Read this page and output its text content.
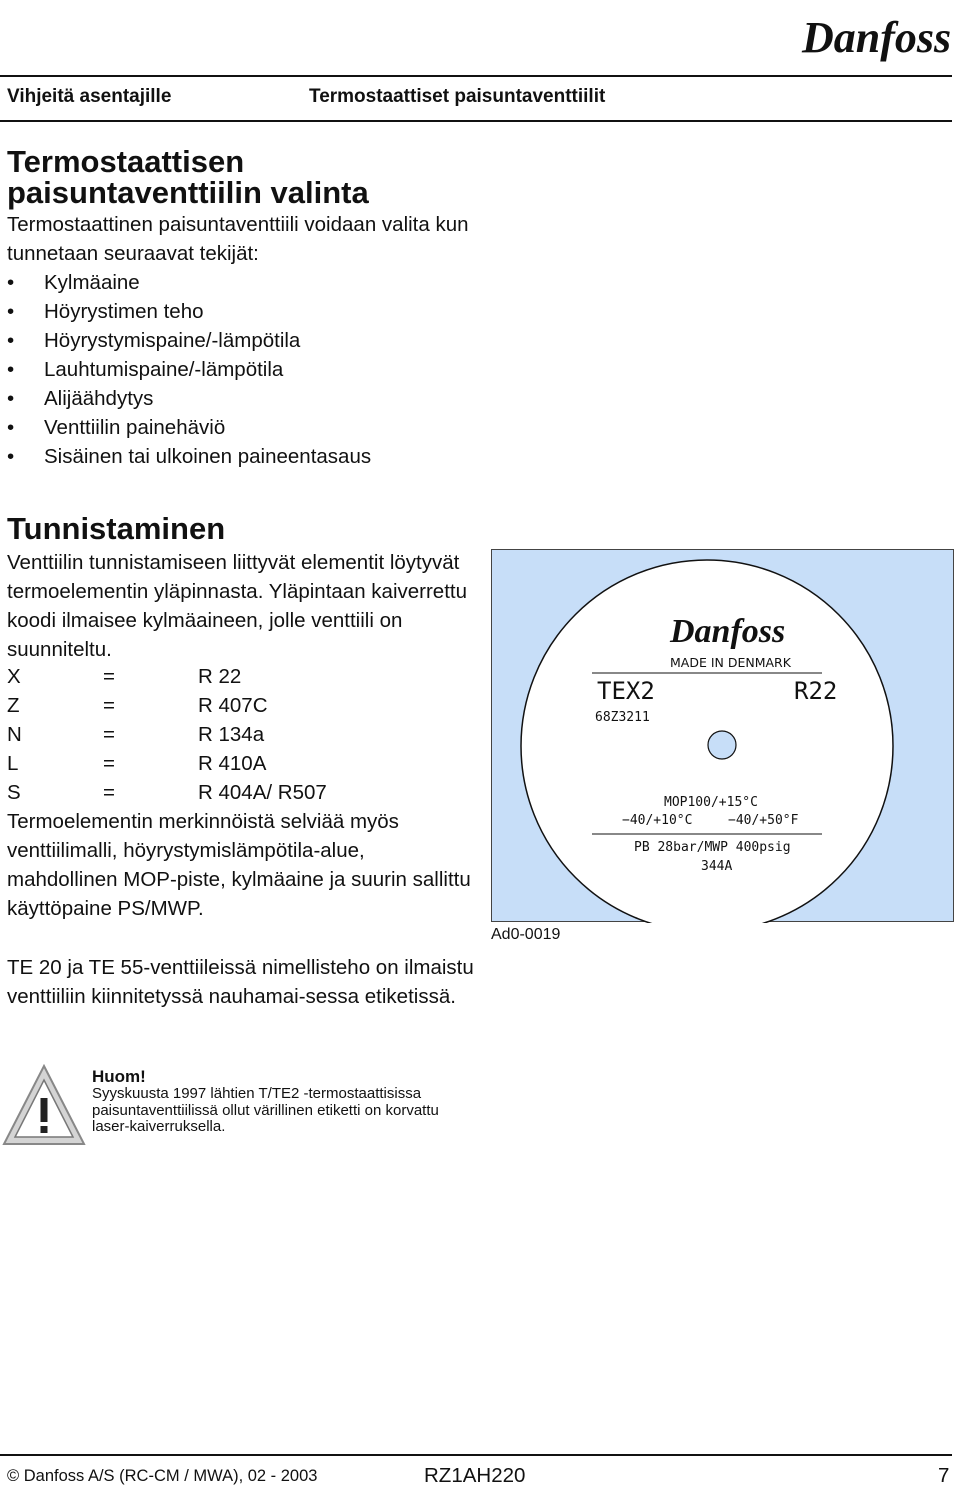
Danfoss
Vihjeitä asentajille	Termostaattiset paisuntaventtiilit
Termostaattisen
paisuntaventtiilin valinta
Termostaattinen paisuntaventtiili voidaan valita kun tunnetaan seuraavat tekijät:
• Kylmäaine
• Höyrystimen teho
• Höyrystymispaine/-lämpötila
• Lauhtumispaine/-lämpötila
• Alijäähdytys
• Venttiilin painehäviö
• Sisäinen tai ulkoinen paineentasaus
Tunnistaminen
Venttiilin tunnistamiseen liittyvät elementit löytyvät termoelementin yläpinnasta. Yläpintaan kaiverrettu koodi ilmaisee kylmäaineen, jolle venttiili on suunniteltu.
X	=	R 22
Z	=	R 407C
N	=	R 134a
L	=	R 410A
S	=	R 404A/ R507
Termoelementin merkinnöistä selviää myös venttiilimalli, höyrystymislämpötila-alue, mahdollinen MOP-piste, kylmäaine ja suurin sallittu käyttöpaine PS/MWP.
TE 20 ja TE 55-venttiileissä nimellisteho on ilmaistu venttiiliin kiinnitetyssä nauhamai-sessa etiketissä.
Danfoss
MADE IN DENMARK
TEX2	R22
68Z3211
MOP100/+15°C
−40/+10°C	−40/+50°F
PB 28bar/MWP 400psig
344A
Ad0-0019
Huom!
Syyskuusta 1997 lähtien T/TE2 -termostaattisissa paisuntaventtiilissä ollut värillinen etiketti on korvattu laser-kaiverruksella.
© Danfoss A/S (RC-CM / MWA), 02 - 2003	RZ1AH220	7
